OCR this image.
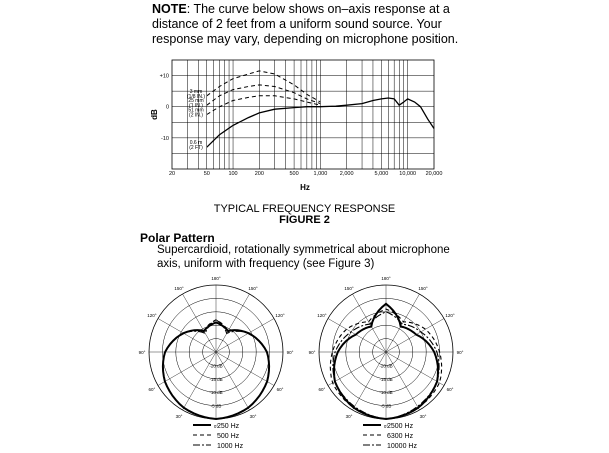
NOTE: The curve below shows on–axis response at a
distance of 2 feet from a uniform sound source. Your
response may vary, depending on microphone position.
20	50	100	200	500	1,000 2,000	5,000 10,000 20,000
+10
0
-10
dB
Hz
3 mm
(1/8 IN.)
25 mm
(1 IN.)
51 mm
(2 IN.)
0.6 m
(2 FT)
TYPICAL FREQUENCY RESPONSE
FIGURE 2
Polar Pattern
Supercardioid, rotationally symmetrical about microphone
axis, uniform with frequency (see Figure 3)
180°
150°
150°
120°
120°
90°
90°
60°
60°
30°
30°
0°
-5 dB
-10 dB
-15 dB
-20 dB
250 Hz
500 Hz
1000 Hz
180°
150°
150°
120°
120°
90°
90°
60°
60°
30°
30°
0°
-5 dB
-10 dB
-15 dB
-20 dB
2500 Hz
6300 Hz
10000 Hz
